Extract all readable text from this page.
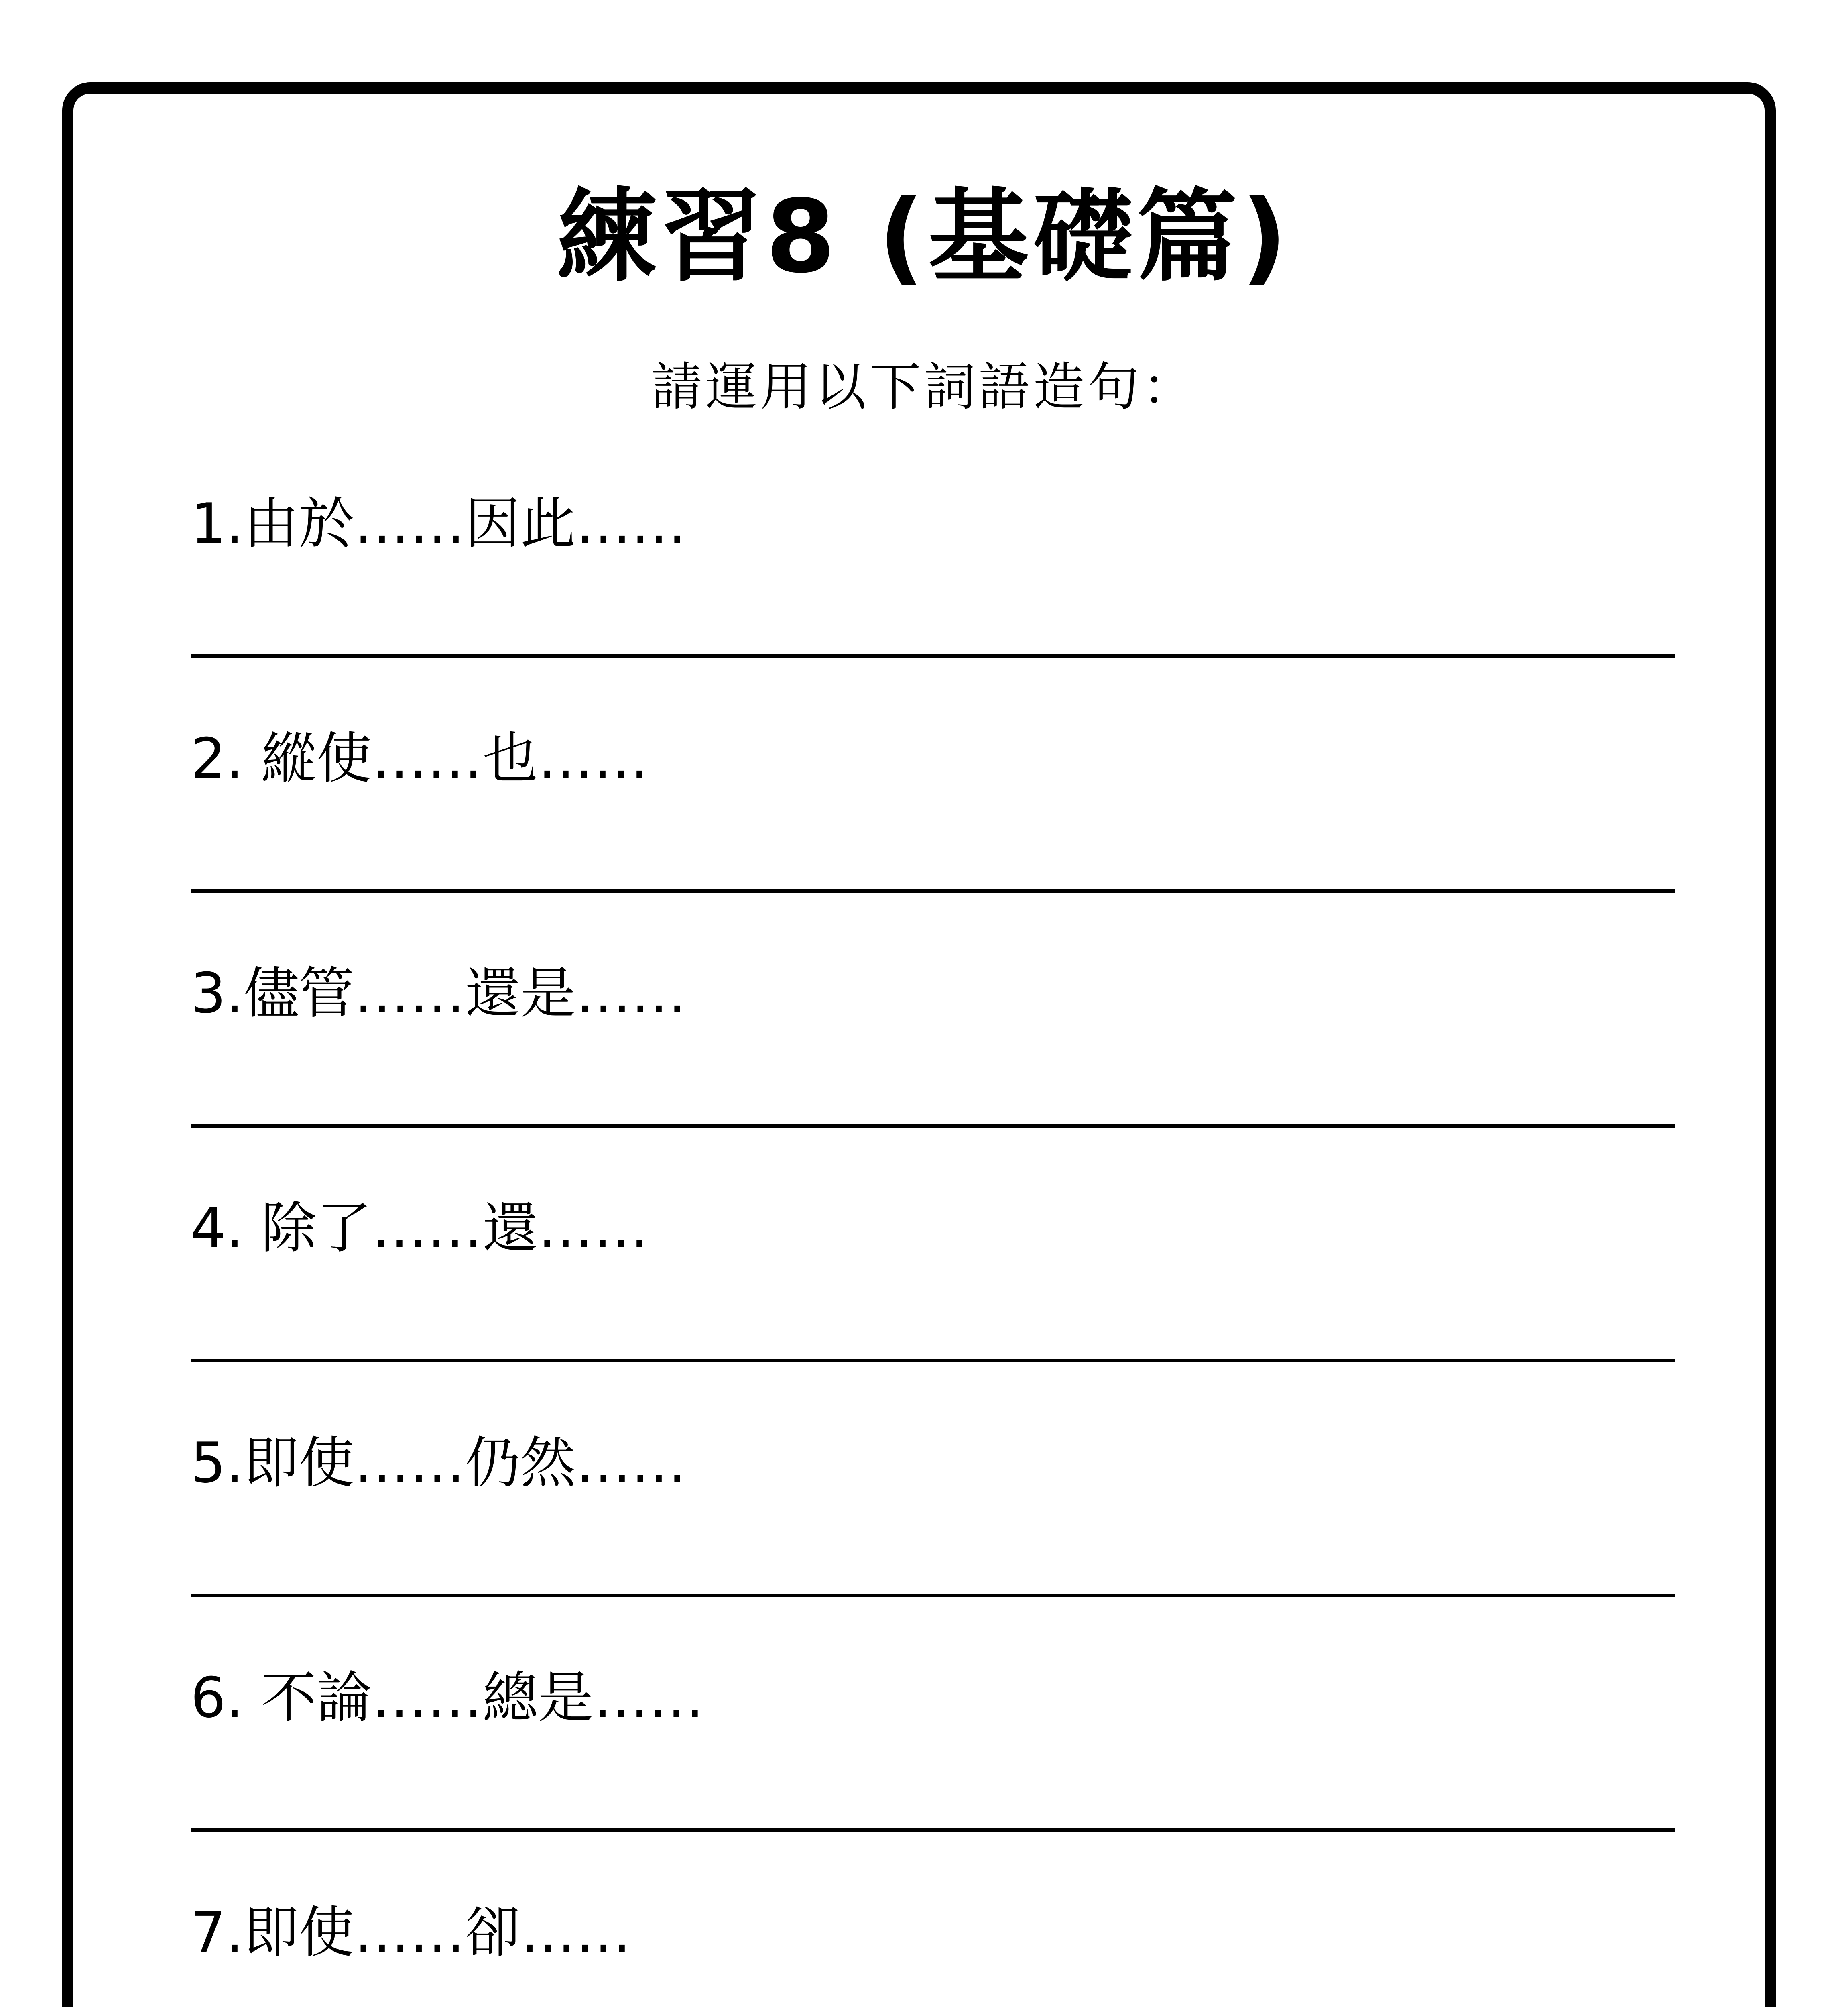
練習8 (基礎篇)
請運用以下詞語造句：
1.由於……因此……
2. 縱使……也……
3.儘管……還是……
4. 除了……還……
5.即使……仍然……
6. 不論……總是……
7.即使……卻……
